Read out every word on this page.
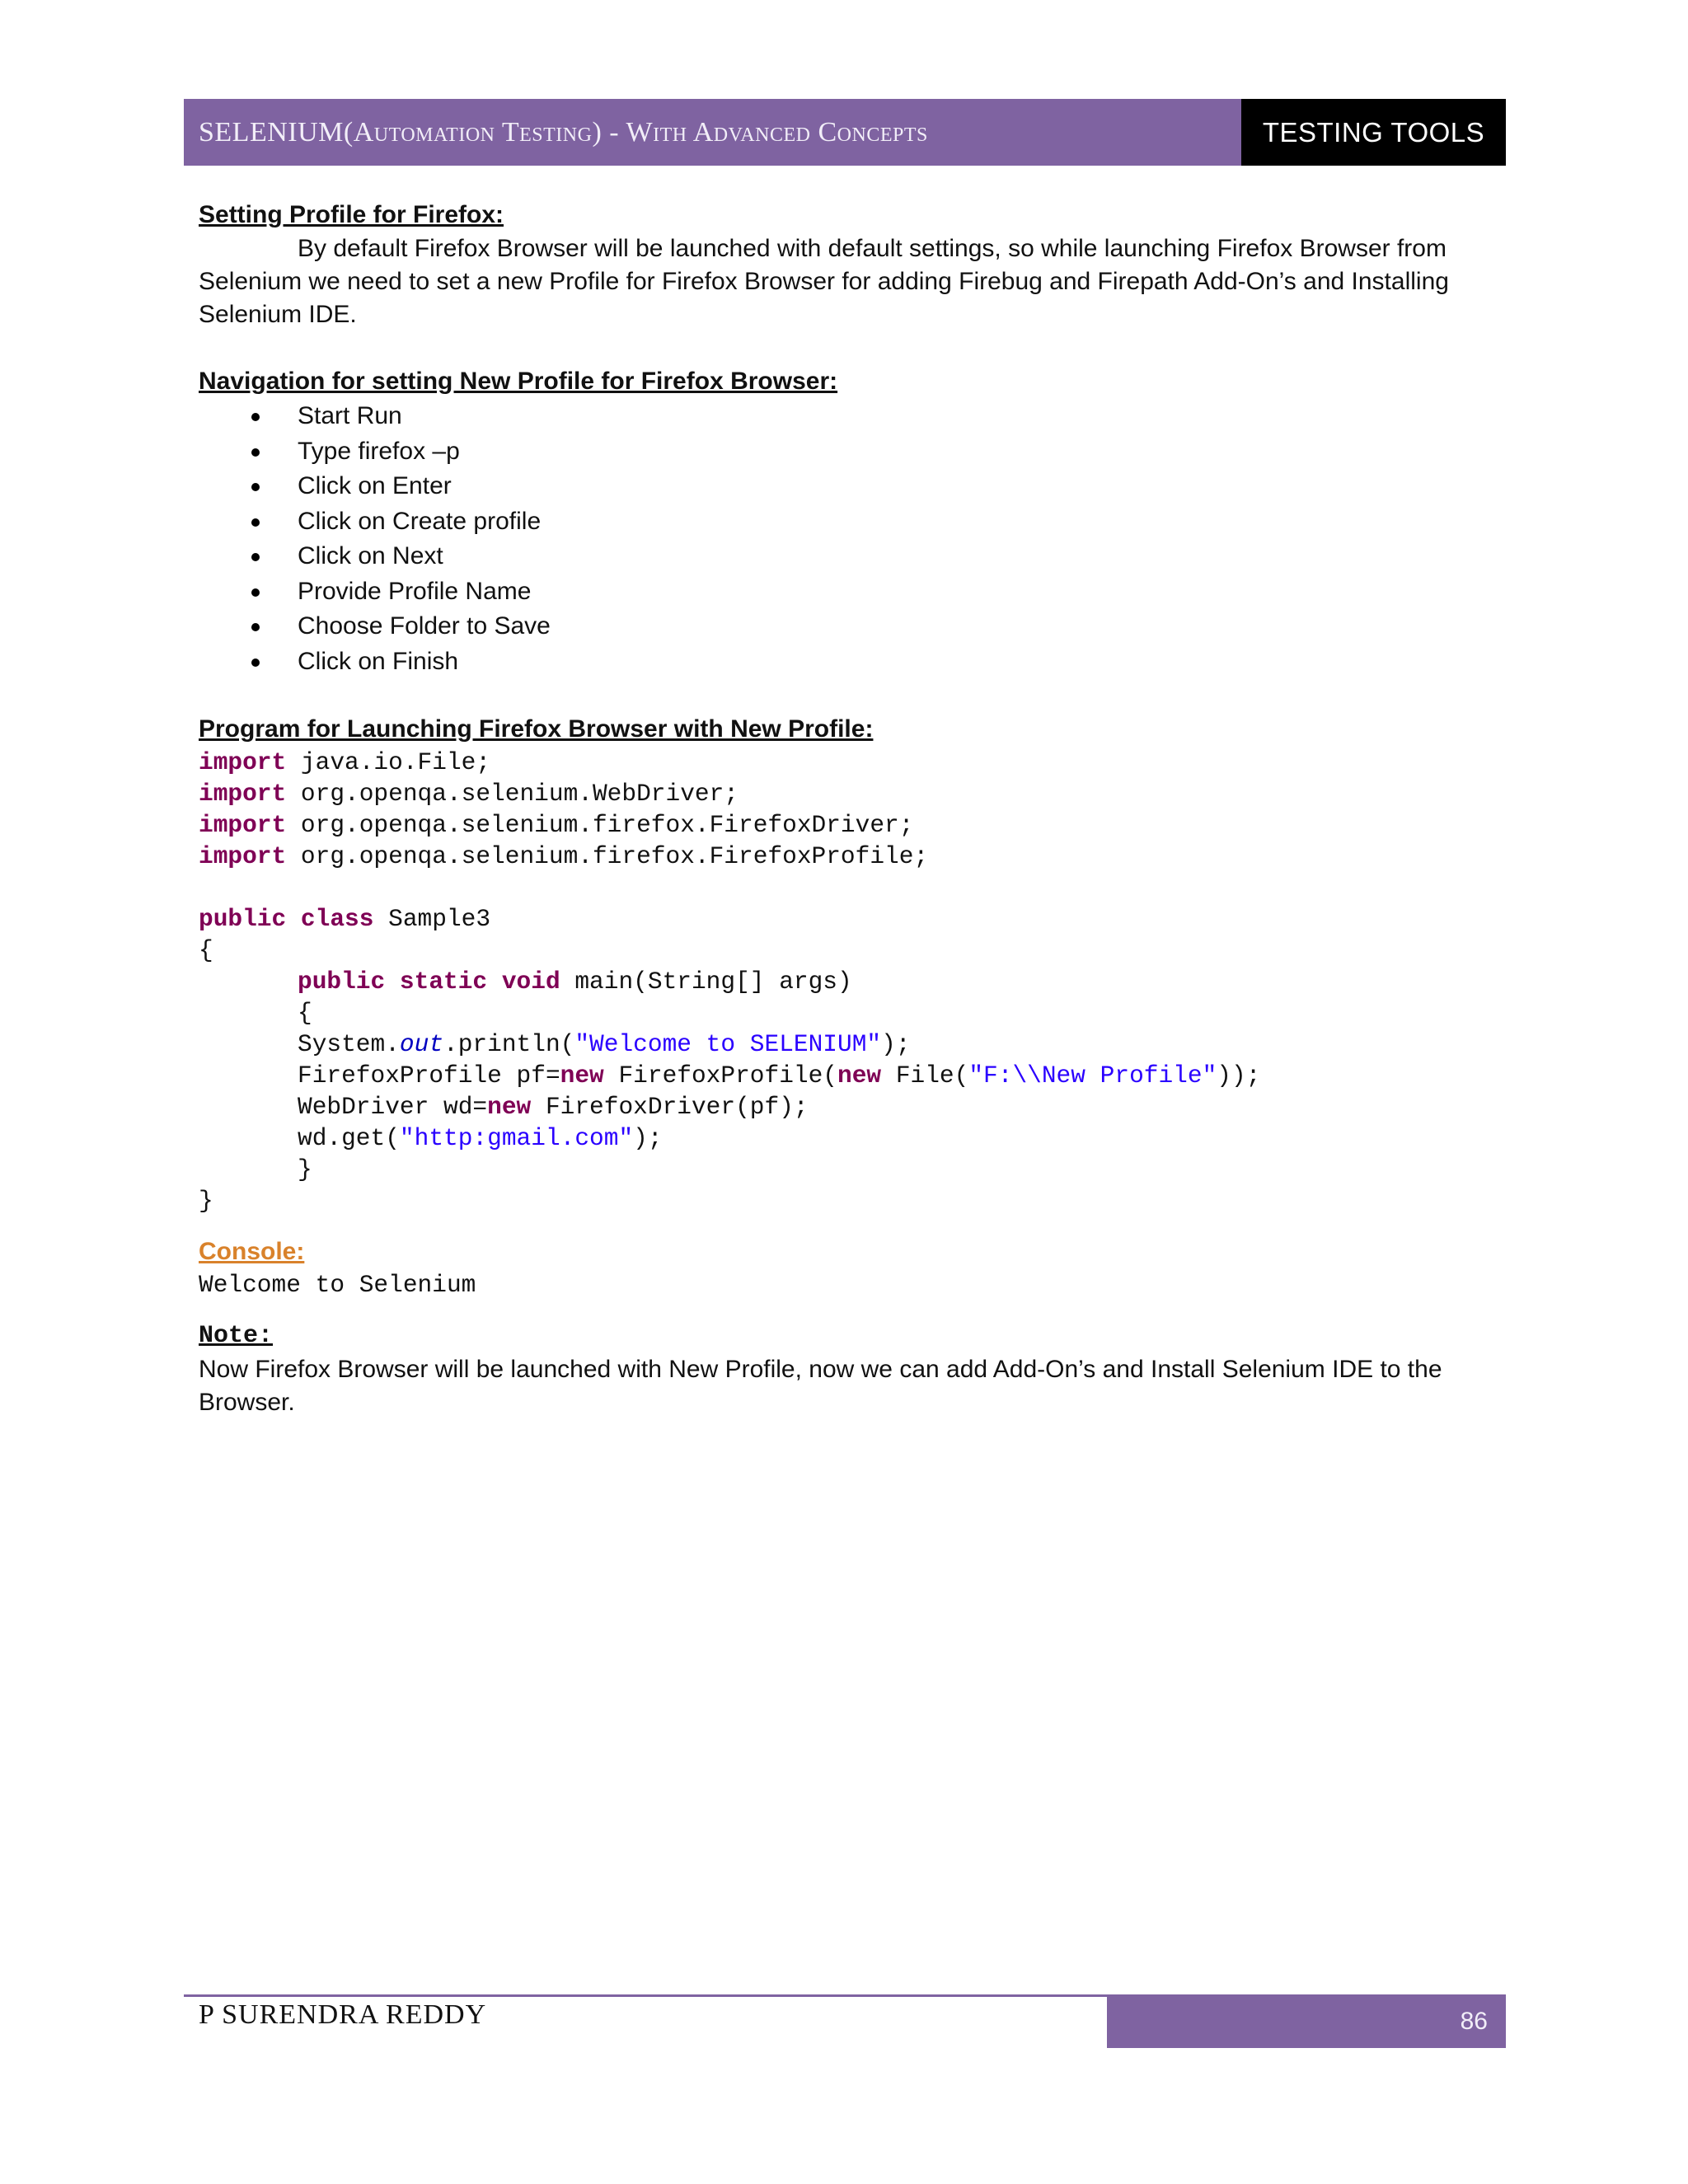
SELENIUM (Automation Testing) - With Advanced Concepts	TESTING TOOLS
Setting Profile for Firefox:

By default Firefox Browser will be launched with default settings, so while launching Firefox Browser from Selenium we need to set a new Profile for Firefox Browser for adding Firebug and Firepath Add-On’s and Installing Selenium IDE.

Navigation for setting New Profile for Firefox Browser:
Start Run
Type firefox –p
Click on Enter
Click on Create profile
Click on Next
Provide Profile Name
Choose Folder to Save
Click on Finish
Program for Launching Firefox Browser with New Profile:
import java.io.File;
import org.openqa.selenium.WebDriver;
import org.openqa.selenium.firefox.FirefoxDriver;
import org.openqa.selenium.firefox.FirefoxProfile;

public class Sample3
{
public static void main(String[] args)
{
System.out.println("Welcome to SELENIUM");
FirefoxProfile pf=new FirefoxProfile(new File("F:\\New Profile"));
WebDriver wd=new FirefoxDriver(pf);
wd.get("http:gmail.com");
}
}
Console:
Welcome to Selenium
Note:

Now Firefox Browser will be launched with New Profile, now we can add Add-On’s and Install Selenium IDE to the Browser.

P SURENDRA REDDY	86
